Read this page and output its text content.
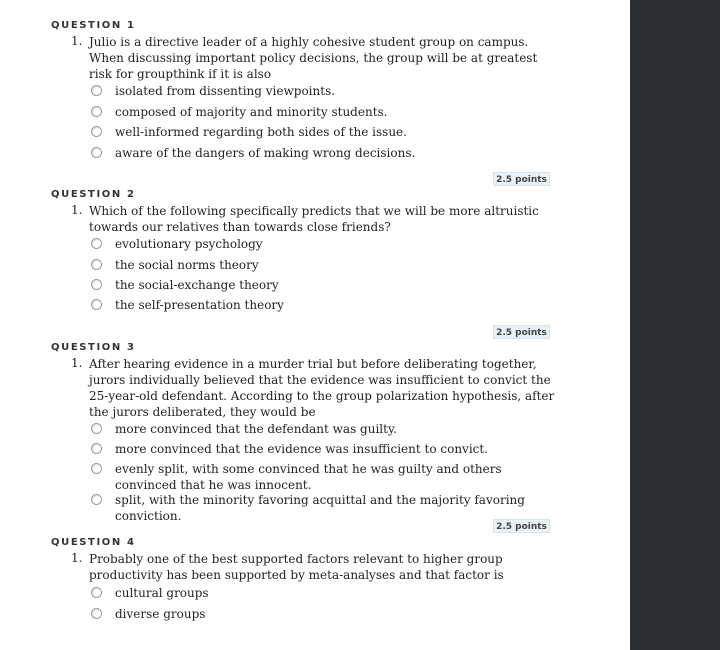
QUESTION 1
1. Julio is a directive leader of a highly cohesive student group on campus. When discussing important policy decisions, the group will be at greatest risk for groupthink if it is also
isolated from dissenting viewpoints.
composed of majority and minority students.
well-informed regarding both sides of the issue.
aware of the dangers of making wrong decisions.
2.5 points
QUESTION 2
1. Which of the following specifically predicts that we will be more altruistic towards our relatives than towards close friends?
evolutionary psychology
the social norms theory
the social-exchange theory
the self-presentation theory
2.5 points
QUESTION 3
1. After hearing evidence in a murder trial but before deliberating together, jurors individually believed that the evidence was insufficient to convict the 25-year-old defendant. According to the group polarization hypothesis, after the jurors deliberated, they would be
more convinced that the defendant was guilty.
more convinced that the evidence was insufficient to convict.
evenly split, with some convinced that he was guilty and others convinced that he was innocent.
split, with the minority favoring acquittal and the majority favoring conviction.
2.5 points
QUESTION 4
1. Probably one of the best supported factors relevant to higher group productivity has been supported by meta-analyses and that factor is
cultural groups
diverse groups
